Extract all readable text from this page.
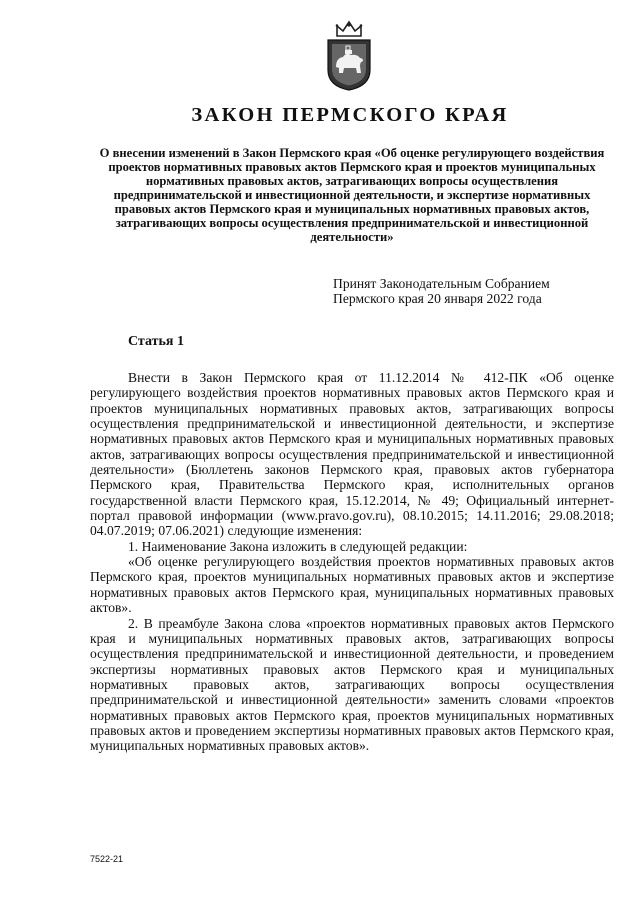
ЗАКОН ПЕРМСКОГО КРАЯ
О внесении изменений в Закон Пермского края «Об оценке регулирующего воздействия проектов нормативных правовых актов Пермского края и проектов муниципальных нормативных правовых актов, затрагивающих вопросы осуществления предпринимательской и инвестиционной деятельности, и экспертизе нормативных правовых актов Пермского края и муниципальных нормативных правовых актов, затрагивающих вопросы осуществления предпринимательской и инвестиционной деятельности»
Принят Законодательным Собранием
Пермского края 20 января 2022 года
Статья 1

Внести в Закон Пермского края от 11.12.2014 № 412-ПК «Об оценке регулирующего воздействия проектов нормативных правовых актов Пермского края и проектов муниципальных нормативных правовых актов, затрагивающих вопросы осуществления предпринимательской и инвестиционной деятельности, и экспертизе нормативных правовых актов Пермского края и муниципальных нормативных правовых актов, затрагивающих вопросы осуществления предпринимательской и инвестиционной деятельности» (Бюллетень законов Пермского края, правовых актов губернатора Пермского края, Правительства Пермского края, исполнительных органов государственной власти Пермского края, 15.12.2014, № 49; Официальный интернет-портал правовой информации (www.pravo.gov.ru), 08.10.2015; 14.11.2016; 29.08.2018; 04.07.2019; 07.06.2021) следующие изменения:

1. Наименование Закона изложить в следующей редакции:

«Об оценке регулирующего воздействия проектов нормативных правовых актов Пермского края, проектов муниципальных нормативных правовых актов и экспертизе нормативных правовых актов Пермского края, муниципальных нормативных правовых актов».

2. В преамбуле Закона слова «проектов нормативных правовых актов Пермского края и муниципальных нормативных правовых актов, затрагивающих вопросы осуществления предпринимательской и инвестиционной деятельности, и проведением экспертизы нормативных правовых актов Пермского края и муниципальных нормативных правовых актов, затрагивающих вопросы осуществления предпринимательской и инвестиционной деятельности» заменить словами «проектов нормативных правовых актов Пермского края, проектов муниципальных нормативных правовых актов и проведением экспертизы нормативных правовых актов Пермского края, муниципальных нормативных правовых актов».

7522-21
